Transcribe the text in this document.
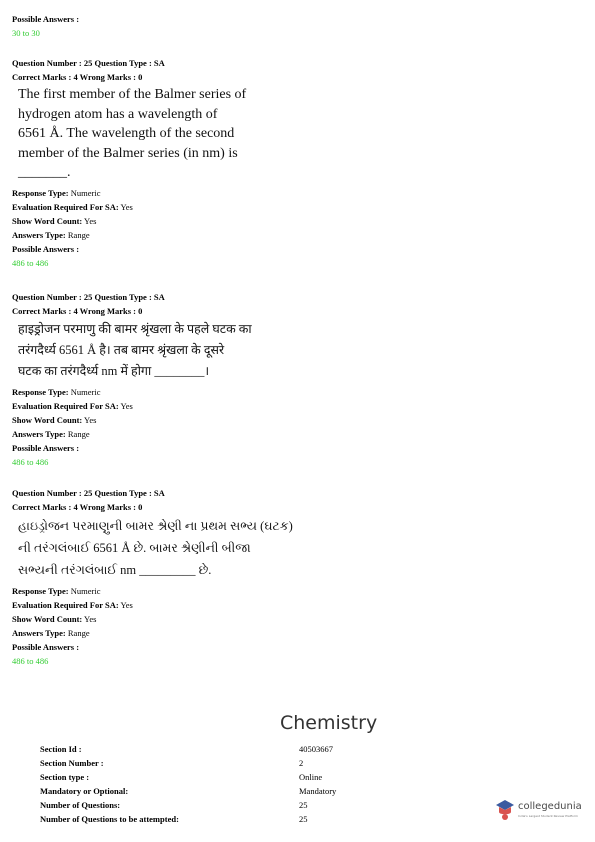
Possible Answers :
30 to 30
Question Number : 25 Question Type : SA
Correct Marks : 4 Wrong Marks : 0
The first member of the Balmer series of
hydrogen atom has a wavelength of
6561 Å. The wavelength of the second
member of the Balmer series (in nm) is
_______.
Response Type: Numeric
Evaluation Required For SA: Yes
Show Word Count: Yes
Answers Type: Range
Possible Answers :
486 to 486
Question Number : 25 Question Type : SA
Correct Marks : 4 Wrong Marks : 0
हाइड्रोजन परमाणु की बामर श्रृंखला के पहले घटक का
तरंगदैर्ध्य 6561 Å है। तब बामर श्रृंखला के दूसरे
घटक का तरंगदैर्ध्य nm में होगा ________।
Response Type: Numeric
Evaluation Required For SA: Yes
Show Word Count: Yes
Answers Type: Range
Possible Answers :
486 to 486
Question Number : 25 Question Type : SA
Correct Marks : 4 Wrong Marks : 0
હાઇડ્રોજન પરમાણુની બામર શ્રેણી ના પ્રથમ સભ્ય (ઘટક)
ની તરંગલંબાઈ 6561 Å છે. બામર શ્રેણીની બીજા
સભ્યની તરંગલંબાઈ nm _________ છે.
Response Type: Numeric
Evaluation Required For SA: Yes
Show Word Count: Yes
Answers Type: Range
Possible Answers :
486 to 486
Chemistry
Section Id :	40503667
Section Number :	2
Section type :	Online
Mandatory or Optional:	Mandatory
Number of Questions:	25
Number of Questions to be attempted:	25
collegedunia
India's Largest Student Review Platform
